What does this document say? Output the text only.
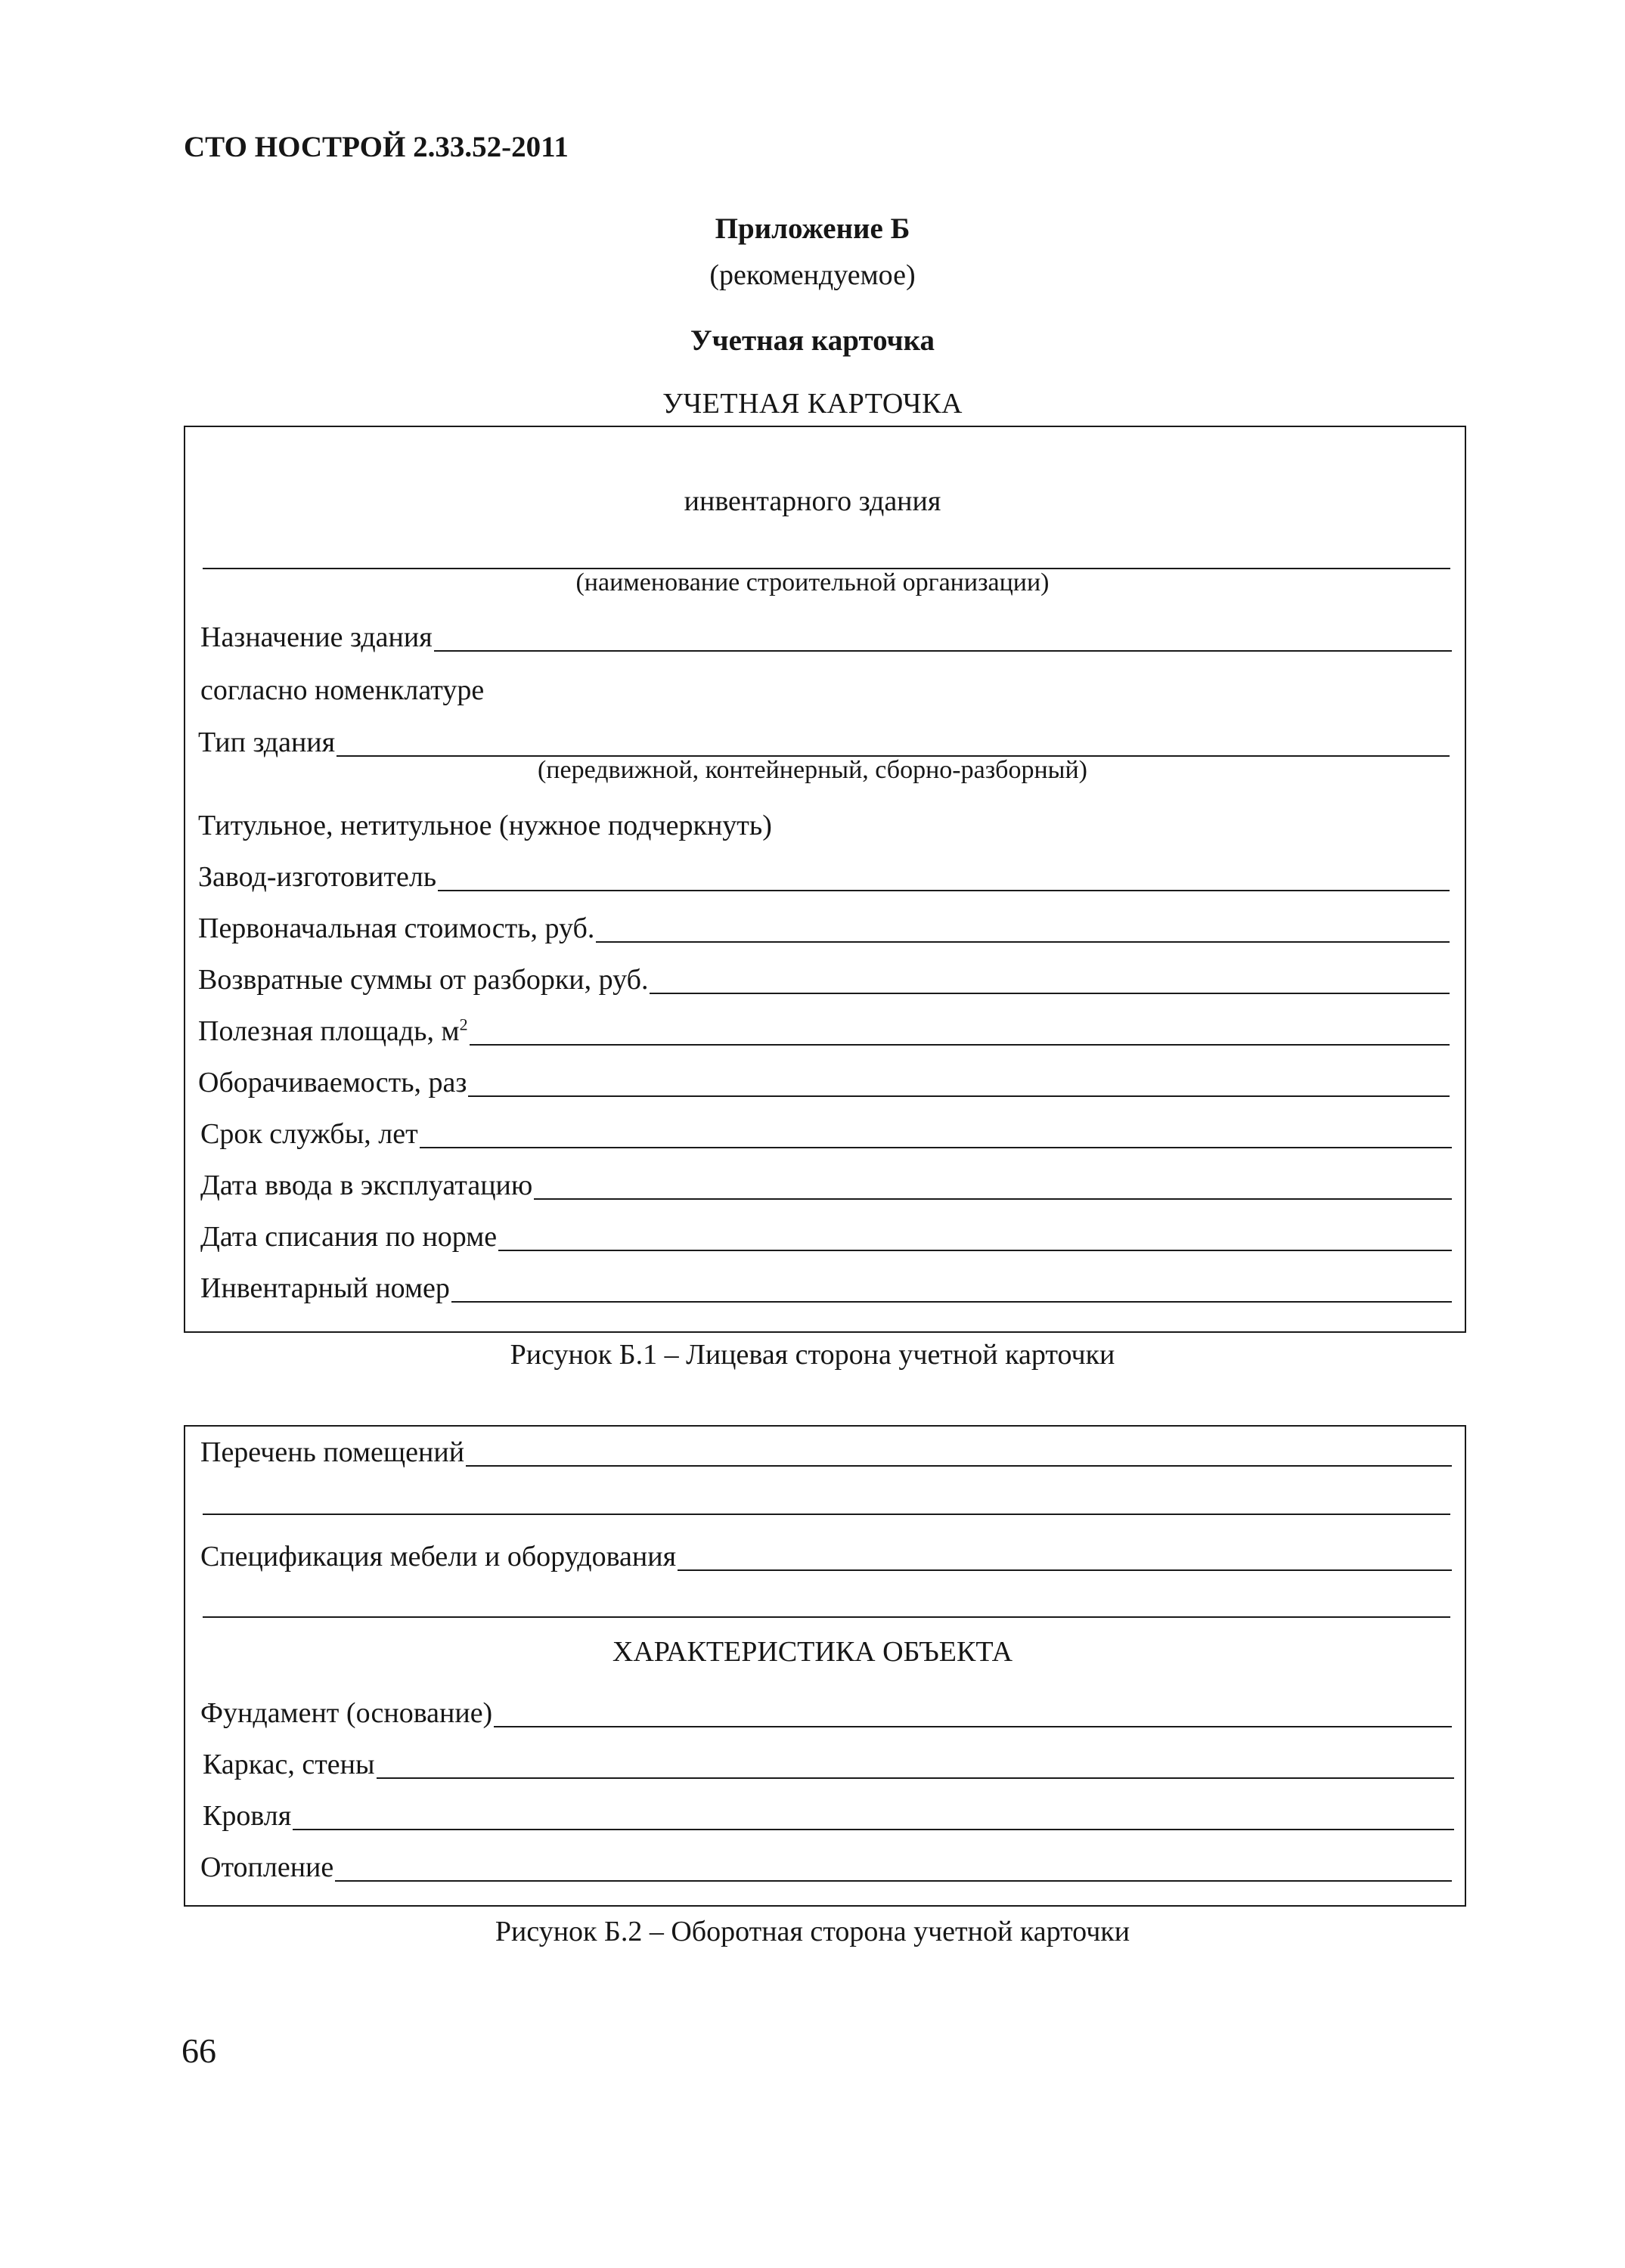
СТО НОСТРОЙ 2.33.52-2011
Приложение Б
(рекомендуемое)
Учетная карточка
УЧЕТНАЯ КАРТОЧКА
инвентарного здания
(наименование строительной организации)
Назначение здания
согласно номенклатуре
Тип здания
(передвижной, контейнерный, сборно-разборный)
Титульное, нетитульное (нужное подчеркнуть)
Завод-изготовитель
Первоначальная стоимость, руб.
Возвратные суммы от разборки, руб.
Полезная площадь, $м^2$
Оборачиваемость, раз
Срок службы, лет
Дата ввода в эксплуатацию
Дата списания по норме
Инвентарный номер
Рисунок Б.1 – Лицевая сторона учетной карточки
Перечень помещений
Спецификация мебели и оборудования
ХАРАКТЕРИСТИКА ОБЪЕКТА
Фундамент (основание)
Каркас, стены
Кровля
Отопление
Рисунок Б.2 – Оборотная сторона учетной карточки
66
